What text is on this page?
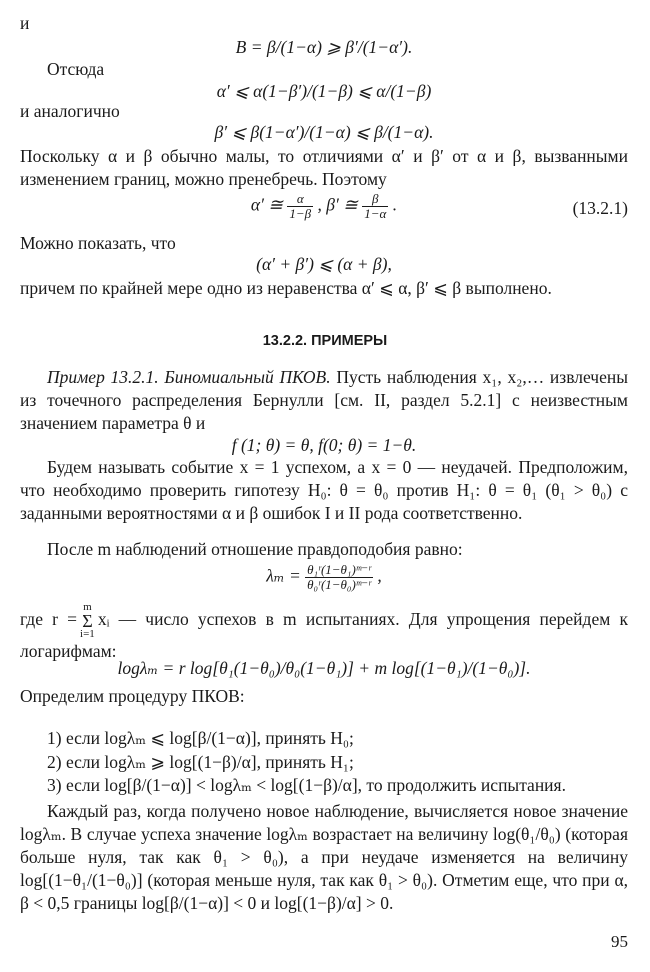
и

B = β/(1−α) ⩾ β′/(1−α′).

Отсюда

α′ ⩽ α(1−β′)/(1−β) ⩽ α/(1−β)

и аналогично

β′ ⩽ β(1−α′)/(1−α) ⩽ β/(1−α).

Поскольку α и β обычно малы, то отличиями α′ и β′ от α и β, вызванными изменением границ, можно пренебречь. Поэтому

α′ ≅ $\frac{\alpha}{1-\beta}$ , β′ ≅ $\frac{\beta}{1-\alpha}$ .	(13.2.1)

Можно показать, что

(α′ + β′) ⩽ (α + β),

причем по крайней мере одно из неравенства α′ ⩽ α, β′ ⩽ β выполнено.

13.2.2. ПРИМЕРЫ

Пример 13.2.1. Биномиальный ПКОВ. Пусть наблюдения x₁, x₂,… извлечены из точечного распределения Бернулли [см. II, раздел 5.2.1] с неизвестным значением параметра θ и

f (1; θ) = θ, f(0; θ) = 1−θ.

Будем называть событие x = 1 успехом, а x = 0 — неудачей. Предположим, что необходимо проверить гипотезу H₀: θ = θ₀ против H₁: θ = θ₁ (θ₁ > θ₀) с заданными вероятностями α и β ошибок I и II рода соответственно.

После m наблюдений отношение правдоподобия равно:

$\lambda_m = \frac{\text{θ₁ʳ(1−θ₁)ᵐ⁻ʳ}}{\text{θ₀ʳ(1−θ₀)ᵐ⁻ʳ}}$ ,

где r =m
Σ
i=1xᵢ — число успехов в m испытаниях. Для упрощения перейдем к логарифмам:

logλₘ = r log[θ₁(1−θ₀)/θ₀(1−θ₁)] + m log[(1−θ₁)/(1−θ₀)].

Определим процедуру ПКОВ:

1) если logλₘ ⩽ log[β/(1−α)], принять H₀;

2) если logλₘ ⩾ log[(1−β)/α], принять H₁;

3) если log[β/(1−α)] < logλₘ < log[(1−β)/α], то продолжить испытания.

Каждый раз, когда получено новое наблюдение, вычисляется новое значение logλₘ. В случае успеха значение logλₘ возрастает на величину log(θ₁/θ₀) (которая больше нуля, так как θ₁ > θ₀), а при неудаче изменяется на величину log[(1−θ₁/(1−θ₀)] (которая меньше нуля, так как θ₁ > θ₀). Отметим еще, что при α, β < 0,5 границы log[β/(1−α)] < 0 и log[(1−β)/α] > 0.

95
